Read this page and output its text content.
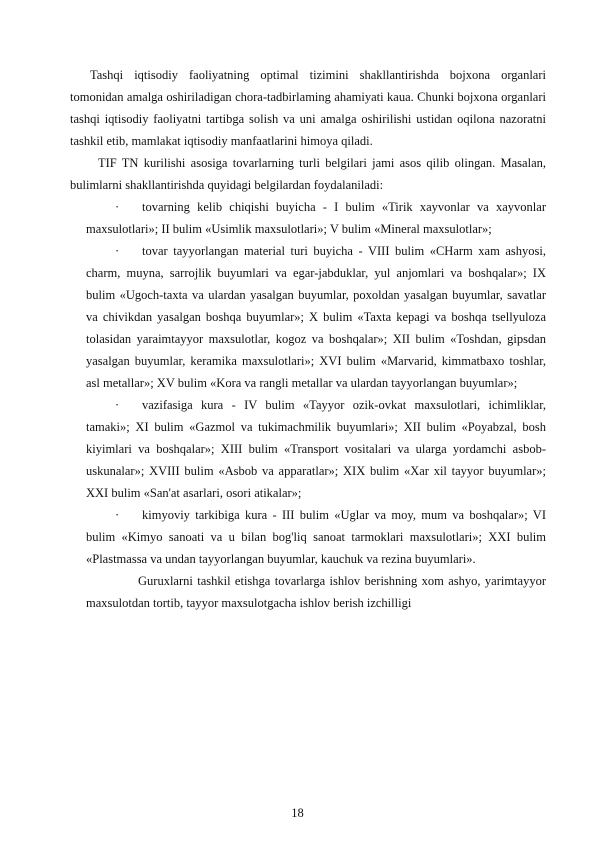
Tashqi iqtisodiy faoliyatning optimal tizimini shakllantirishda bojxona organlari tomonidan amalga oshiriladigan chora-tadbirlaming ahamiyati kaua. Chunki bojxona organlari tashqi iqtisodiy faoliyatni tartibga solish va uni amalga oshirilishi ustidan oqilona nazoratni tashkil etib, mamlakat iqtisodiy manfaatlarini himoya qiladi.

TIF TN kurilishi asosiga tovarlarning turli belgilari jami asos qilib olingan. Masalan, bulimlarni shakllantirishda quyidagi belgilardan foydalaniladi:

· tovarning kelib chiqishi buyicha - I bulim «Tirik xayvonlar va xayvonlar maxsulotlari»; II bulim «Usimlik maxsulotlari»; V bulim «Mineral maxsulotlar»;

· tovar tayyorlangan material turi buyicha - VIII bulim «CHarm xam ashyosi, charm, muyna, sarrojlik buyumlari va egar-jabduklar, yul anjomlari va boshqalar»; IX bulim «Ugoch-taxta va ulardan yasalgan buyumlar, poxoldan yasalgan buyumlar, savatlar va chivikdan yasalgan boshqa buyumlar»; X bulim «Taxta kepagi va boshqa tsellyuloza tolasidan yaraimtayyor maxsulotlar, kogoz va boshqalar»; XII bulim «Toshdan, gipsdan yasalgan buyumlar, keramika maxsulotlari»; XVI bulim «Marvarid, kimmatbaxo toshlar, asl metallar»; XV bulim «Kora va rangli metallar va ulardan tayyorlangan buyumlar»;

· vazifasiga kura - IV bulim «Tayyor ozik-ovkat maxsulotlari, ichimliklar, tamaki»; XI bulim «Gazmol va tukimachmilik buyumlari»; XII bulim «Poyabzal, bosh kiyimlari va boshqalar»; XIII bulim «Transport vositalari va ularga yordamchi asbob-uskunalar»; XVIII bulim «Asbob va apparatlar»; XIX bulim «Xar xil tayyor buyumlar»; XXI bulim «San'at asarlari, osori atikalar»;

· kimyoviy tarkibiga kura - III bulim «Uglar va moy, mum va boshqalar»; VI bulim «Kimyo sanoati va u bilan bog'liq sanoat tarmoklari maxsulotlari»; XXI bulim «Plastmassa va undan tayyorlangan buyumlar, kauchuk va rezina buyumlari».

Guruxlarni tashkil etishga tovarlarga ishlov berishning xom ashyo, yarimtayyor maxsulotdan tortib, tayyor maxsulotgacha ishlov berish izchilligi

18
